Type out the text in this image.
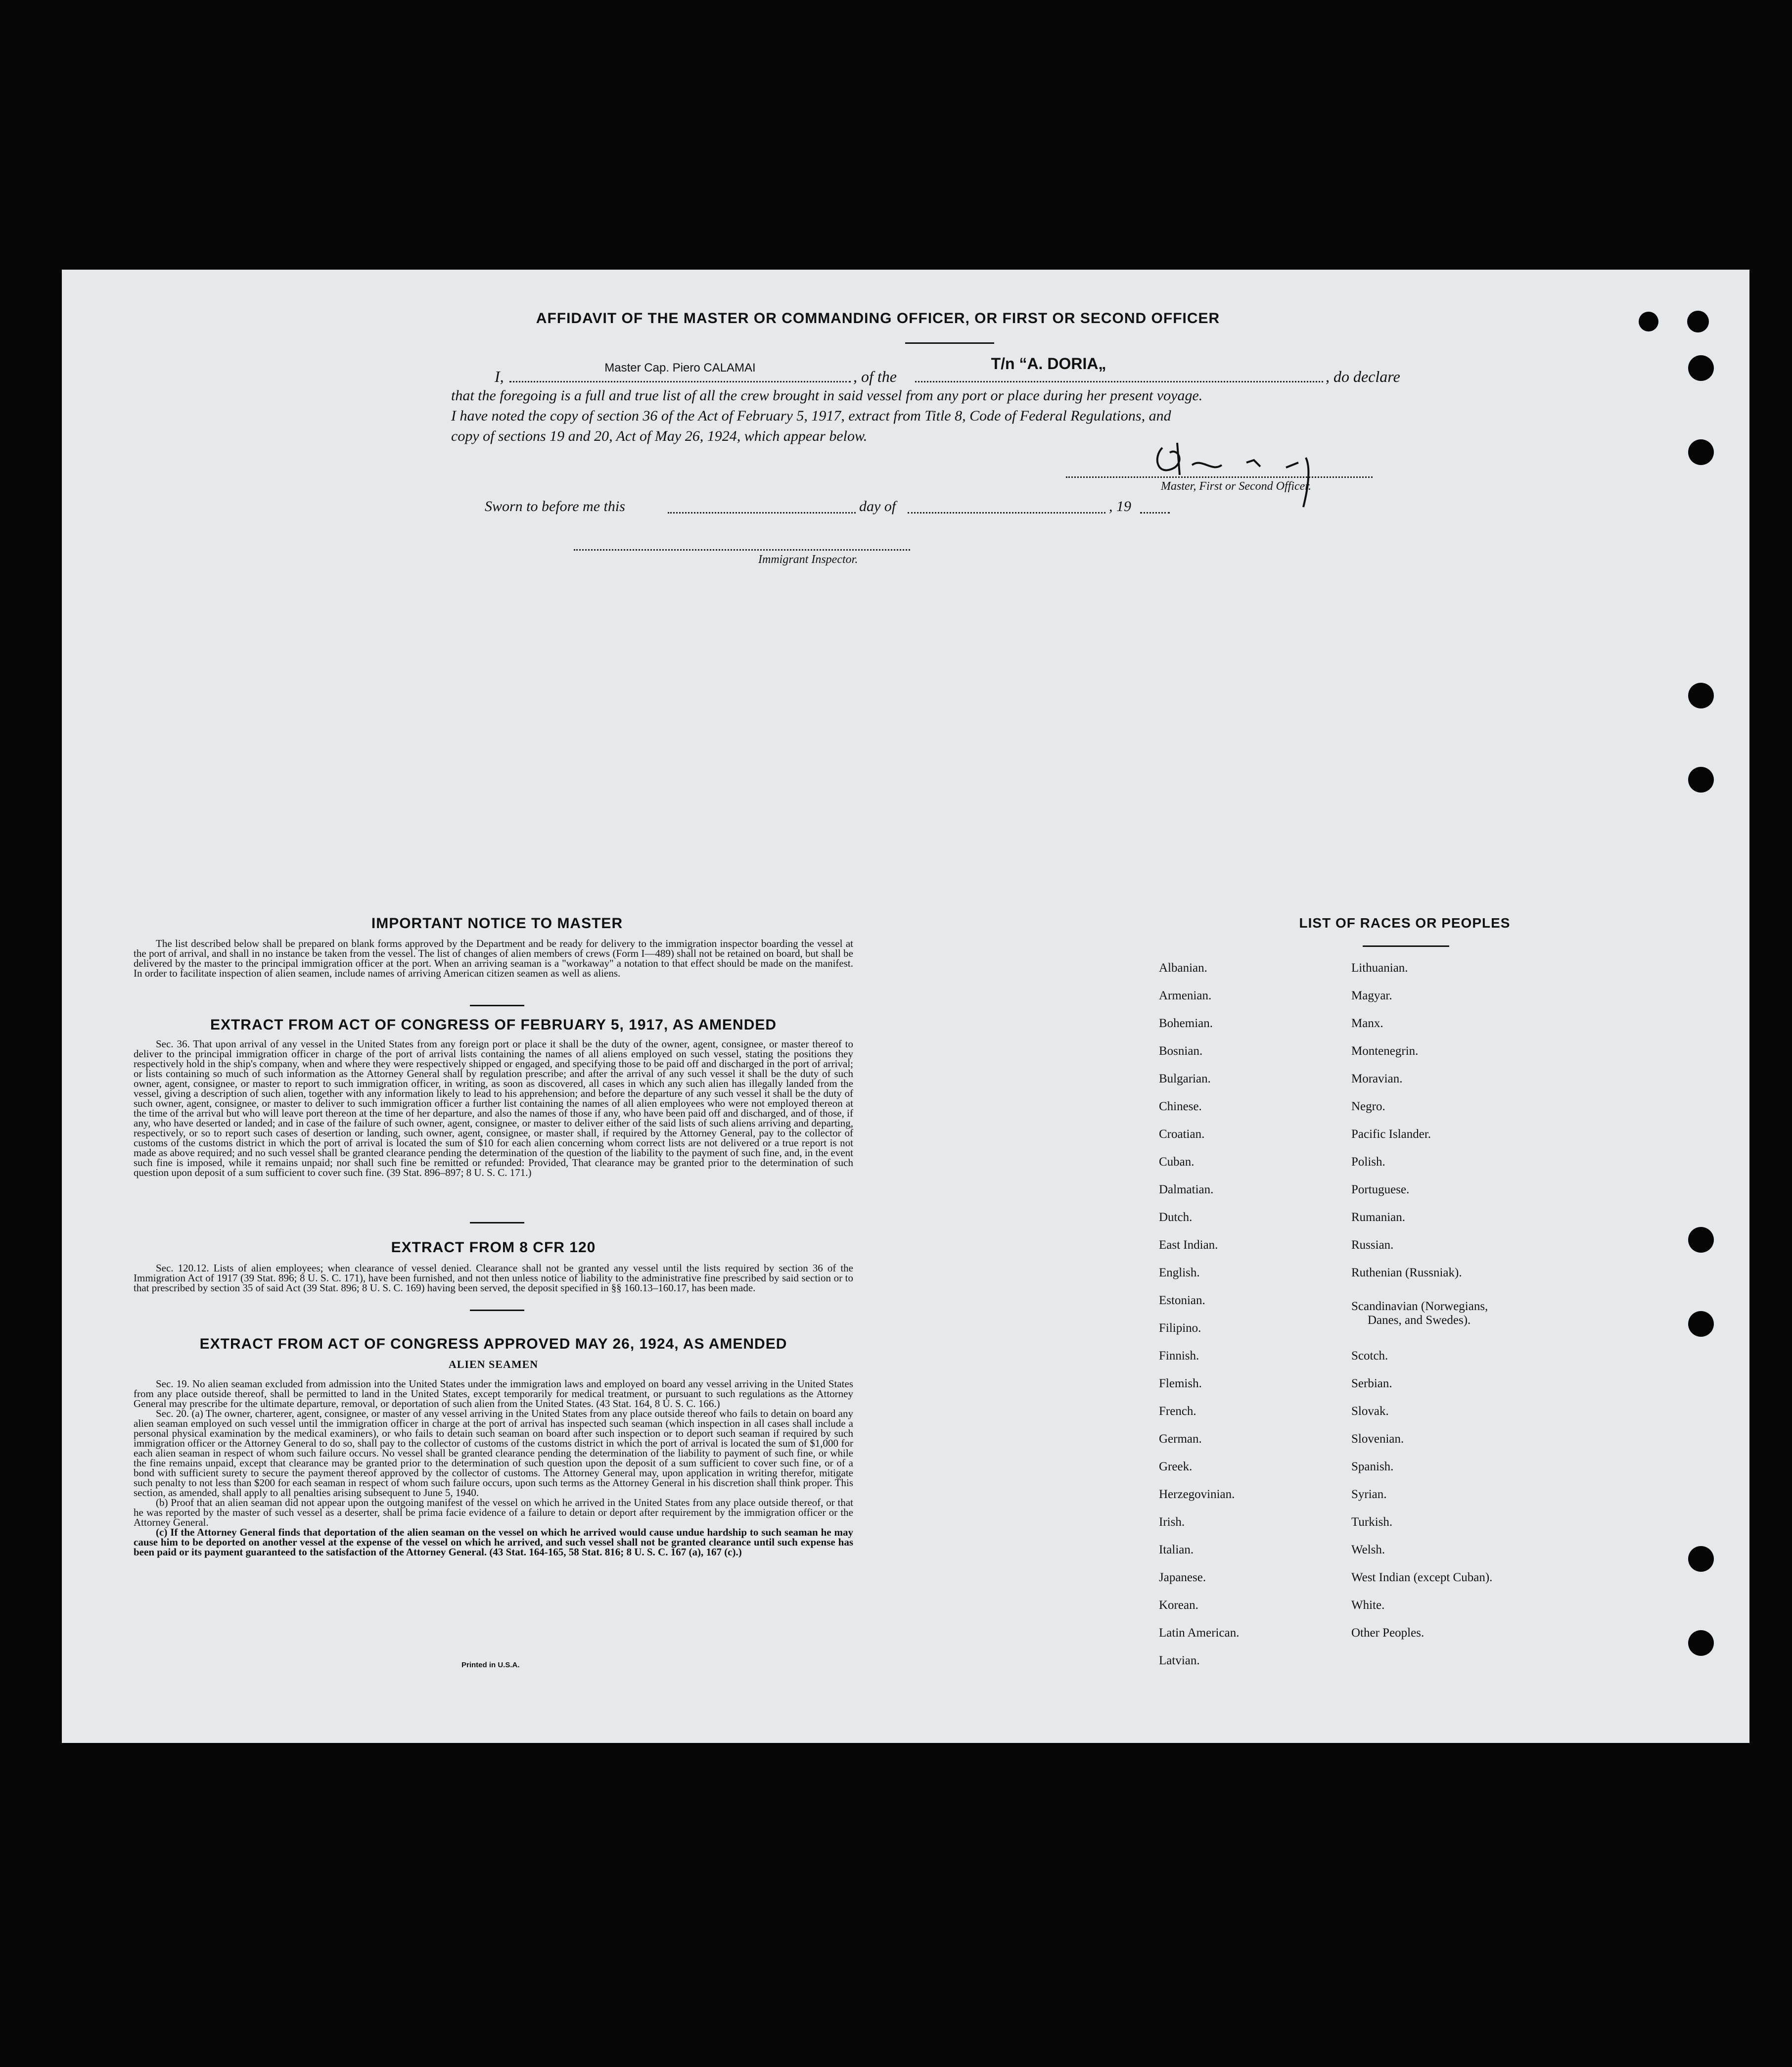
AFFIDAVIT OF THE MASTER OR COMMANDING OFFICER, OR FIRST OR SECOND OFFICER
I,	Master Cap. Piero CALAMAI	, of the
T/n “A. DORIA„
, do declare
that the foregoing is a full and true list of all the crew brought in said vessel from any port or place during her present voyage.
I have noted the copy of section 36 of the Act of February 5, 1917, extract from Title 8, Code of Federal Regulations, and
copy of sections 19 and 20, Act of May 26, 1924, which appear below.
Master, First or Second Officer.
Sworn to before me this	day of	, 19
Immigrant Inspector.
IMPORTANT NOTICE TO MASTER
The list described below shall be prepared on blank forms approved by the Department and be ready for delivery to the immigration inspector boarding the vessel at the port of arrival, and shall in no instance be taken from the vessel. The list of changes of alien members of crews (Form I—489) shall not be retained on board, but shall be delivered by the master to the principal immigration officer at the port. When an arriving seaman is a "workaway" a notation to that effect should be made on the manifest. In order to facilitate inspection of alien seamen, include names of arriving American citizen seamen as well as aliens.
EXTRACT FROM ACT OF CONGRESS OF FEBRUARY 5, 1917, AS AMENDED
Sec. 36. That upon arrival of any vessel in the United States from any foreign port or place it shall be the duty of the owner, agent, consignee, or master thereof to deliver to the principal immigration officer in charge of the port of arrival lists containing the names of all aliens employed on such vessel, stating the positions they respectively hold in the ship's company, when and where they were respectively shipped or engaged, and specifying those to be paid off and discharged in the port of arrival; or lists containing so much of such information as the Attorney General shall by regulation prescribe; and after the arrival of any such vessel it shall be the duty of such owner, agent, consignee, or master to report to such immigration officer, in writing, as soon as discovered, all cases in which any such alien has illegally landed from the vessel, giving a description of such alien, together with any information likely to lead to his apprehension; and before the departure of any such vessel it shall be the duty of such owner, agent, consignee, or master to deliver to such immigration officer a further list containing the names of all alien employees who were not employed thereon at the time of the arrival but who will leave port thereon at the time of her departure, and also the names of those if any, who have been paid off and discharged, and of those, if any, who have deserted or landed; and in case of the failure of such owner, agent, consignee, or master to deliver either of the said lists of such aliens arriving and departing, respectively, or so to report such cases of desertion or landing, such owner, agent, consignee, or master shall, if required by the Attorney General, pay to the collector of customs of the customs district in which the port of arrival is located the sum of $10 for each alien concerning whom correct lists are not delivered or a true report is not made as above required; and no such vessel shall be granted clearance pending the determination of the question of the liability to the payment of such fine, and, in the event such fine is imposed, while it remains unpaid; nor shall such fine be remitted or refunded: Provided, That clearance may be granted prior to the determination of such question upon deposit of a sum sufficient to cover such fine. (39 Stat. 896–897; 8 U. S. C. 171.)
EXTRACT FROM 8 CFR 120
Sec. 120.12. Lists of alien employees; when clearance of vessel denied. Clearance shall not be granted any vessel until the lists required by section 36 of the Immigration Act of 1917 (39 Stat. 896; 8 U. S. C. 171), have been furnished, and not then unless notice of liability to the administrative fine prescribed by said section or to that prescribed by section 35 of said Act (39 Stat. 896; 8 U. S. C. 169) having been served, the deposit specified in §§ 160.13–160.17, has been made.
EXTRACT FROM ACT OF CONGRESS APPROVED MAY 26, 1924, AS AMENDED
ALIEN SEAMEN
Sec. 19. No alien seaman excluded from admission into the United States under the immigration laws and employed on board any vessel arriving in the United States from any place outside thereof, shall be permitted to land in the United States, except temporarily for medical treatment, or pursuant to such regulations as the Attorney General may prescribe for the ultimate departure, removal, or deportation of such alien from the United States. (43 Stat. 164, 8 U. S. C. 166.)
Sec. 20. (a) The owner, charterer, agent, consignee, or master of any vessel arriving in the United States from any place outside thereof who fails to detain on board any alien seaman employed on such vessel until the immigration officer in charge at the port of arrival has inspected such seaman (which inspection in all cases shall include a personal physical examination by the medical examiners), or who fails to detain such seaman on board after such inspection or to deport such seaman if required by such immigration officer or the Attorney General to do so, shall pay to the collector of customs of the customs district in which the port of arrival is located the sum of $1,000 for each alien seaman in respect of whom such failure occurs. No vessel shall be granted clearance pending the determination of the liability to payment of such fine, or while the fine remains unpaid, except that clearance may be granted prior to the determination of such question upon the deposit of a sum sufficient to cover such fine, or of a bond with sufficient surety to secure the payment thereof approved by the collector of customs. The Attorney General may, upon application in writing therefor, mitigate such penalty to not less than $200 for each seaman in respect of whom such failure occurs, upon such terms as the Attorney General in his discretion shall think proper. This section, as amended, shall apply to all penalties arising subsequent to June 5, 1940.
(b) Proof that an alien seaman did not appear upon the outgoing manifest of the vessel on which he arrived in the United States from any place outside thereof, or that he was reported by the master of such vessel as a deserter, shall be prima facie evidence of a failure to detain or deport after requirement by the immigration officer or the Attorney General.
(c) If the Attorney General finds that deportation of the alien seaman on the vessel on which he arrived would cause undue hardship to such seaman he may cause him to be deported on another vessel at the expense of the vessel on which he arrived, and such vessel shall not be granted clearance until such expense has been paid or its payment guaranteed to the satisfaction of the Attorney General. (43 Stat. 164-165, 58 Stat. 816; 8 U. S. C. 167 (a), 167 (c).)
Printed in U.S.A.
LIST OF RACES OR PEOPLES
Albanian.
Armenian.
Bohemian.
Bosnian.
Bulgarian.
Chinese.
Croatian.
Cuban.
Dalmatian.
Dutch.
East Indian.
English.
Estonian.
Filipino.
Finnish.
Flemish.
French.
German.
Greek.
Herzegovinian.
Irish.
Italian.
Japanese.
Korean.
Latin American.
Latvian.
Lithuanian.
Magyar.
Manx.
Montenegrin.
Moravian.
Negro.
Pacific Islander.
Polish.
Portuguese.
Rumanian.
Russian.
Ruthenian (Russniak).
Scandinavian (Norwegians,
Danes, and Swedes).
Scotch.
Serbian.
Slovak.
Slovenian.
Spanish.
Syrian.
Turkish.
Welsh.
West Indian (except Cuban).
White.
Other Peoples.
